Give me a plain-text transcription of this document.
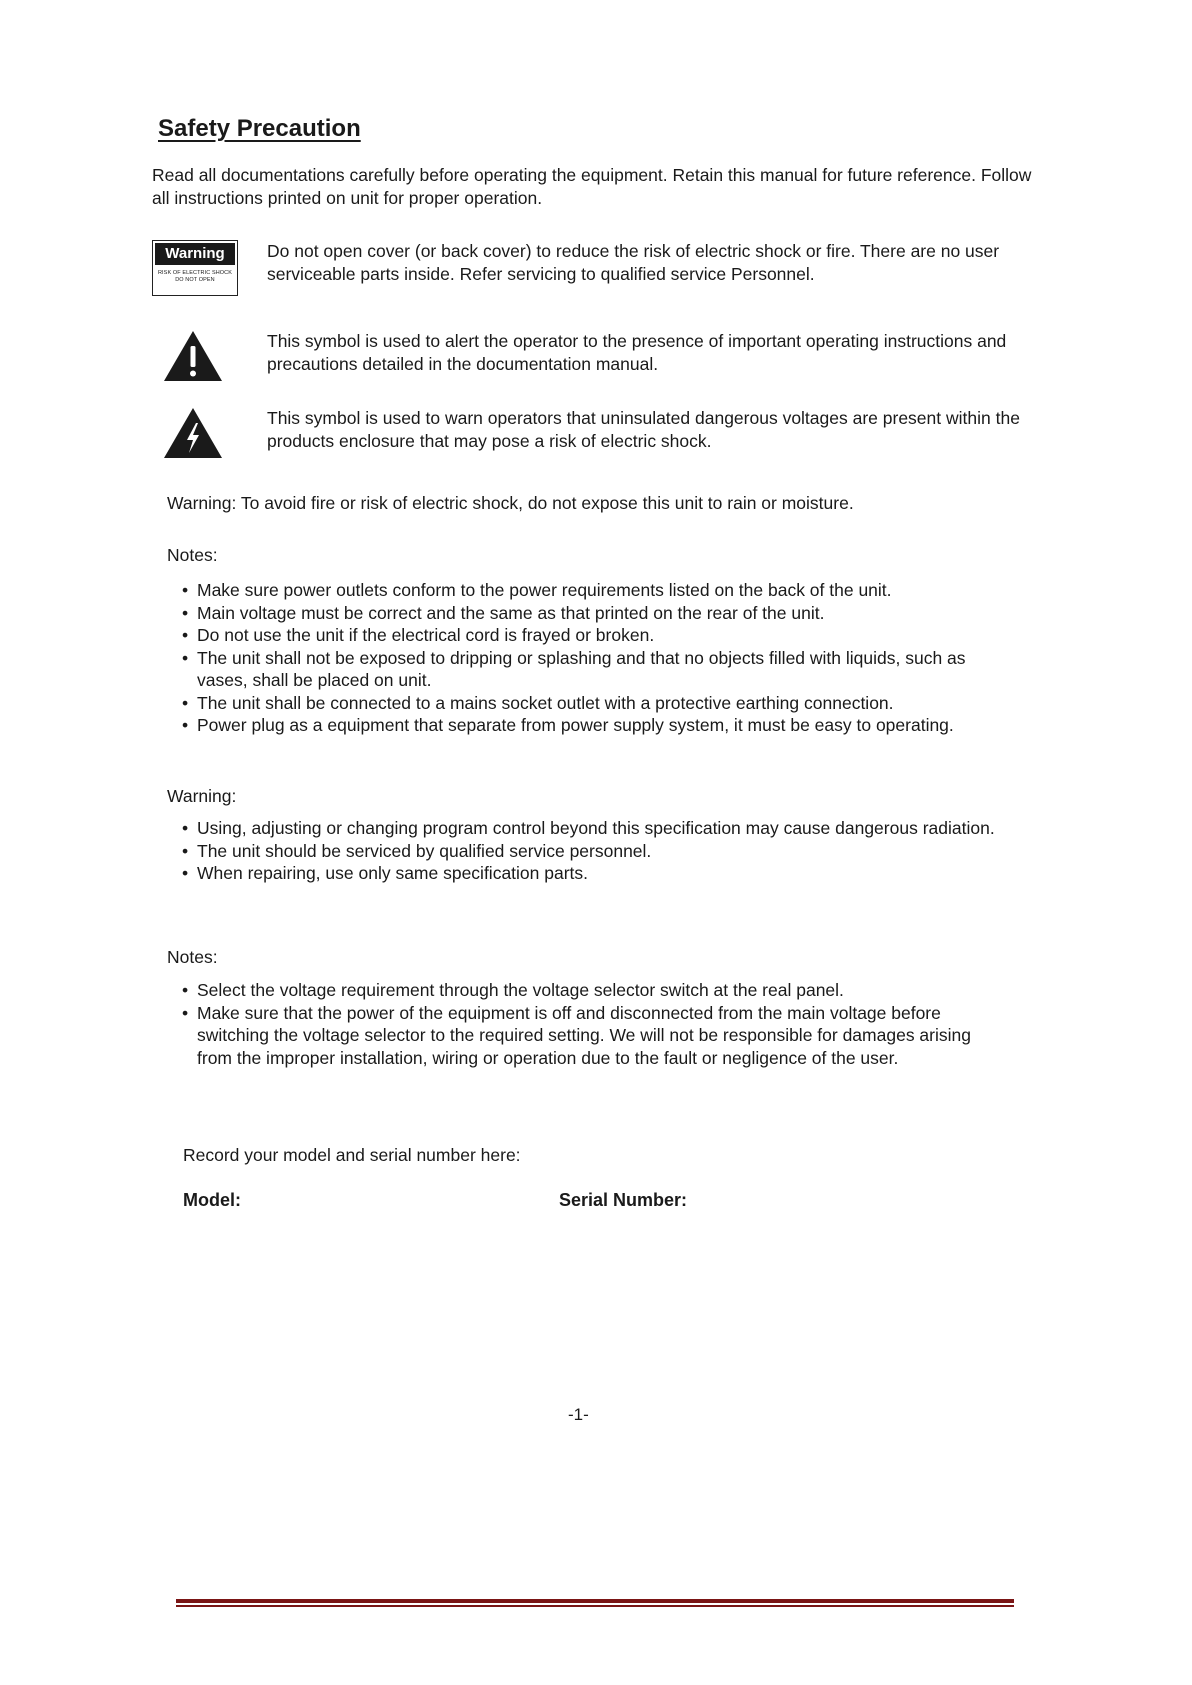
Safety Precaution

Read all documentations carefully before operating the equipment. Retain this manual for future reference. Follow all instructions printed on unit for proper operation.

Warning
RISK OF ELECTRIC SHOCK
DO NOT OPEN

Do not open cover (or back cover) to reduce the risk of electric shock or fire. There are no user serviceable parts inside. Refer servicing to qualified service Personnel.

This symbol is used to alert the operator to the presence of important operating instructions and precautions detailed in the documentation manual.

This symbol is used to warn operators that uninsulated dangerous voltages are present within the products enclosure that may pose a risk of electric shock.

Warning: To avoid fire or risk of electric shock, do not expose this unit to rain or moisture.

Notes:

• Make sure power outlets conform to the power requirements listed on the back of the unit.
• Main voltage must be correct and the same as that printed on the rear of the unit.
• Do not use the unit if the electrical cord is frayed or broken.
• The unit shall not be exposed to dripping or splashing and that no objects filled with liquids, such as vases, shall be placed on unit.
• The unit shall be connected to a mains socket outlet with a protective earthing connection.
• Power plug as a equipment that separate from power supply system, it must be easy to operating.

Warning:

• Using, adjusting or changing program control beyond this specification may cause dangerous radiation.
• The unit should be serviced by qualified service personnel.
• When repairing, use only same specification parts.

Notes:

• Select the voltage requirement through the voltage selector switch at the real panel.
• Make sure that the power of the equipment is off and disconnected from the main voltage before switching the voltage selector to the required setting. We will not be responsible for damages arising from the improper installation, wiring or operation due to the fault or negligence of the user.

Record your model and serial number here:

Model:	Serial Number:

-1-
